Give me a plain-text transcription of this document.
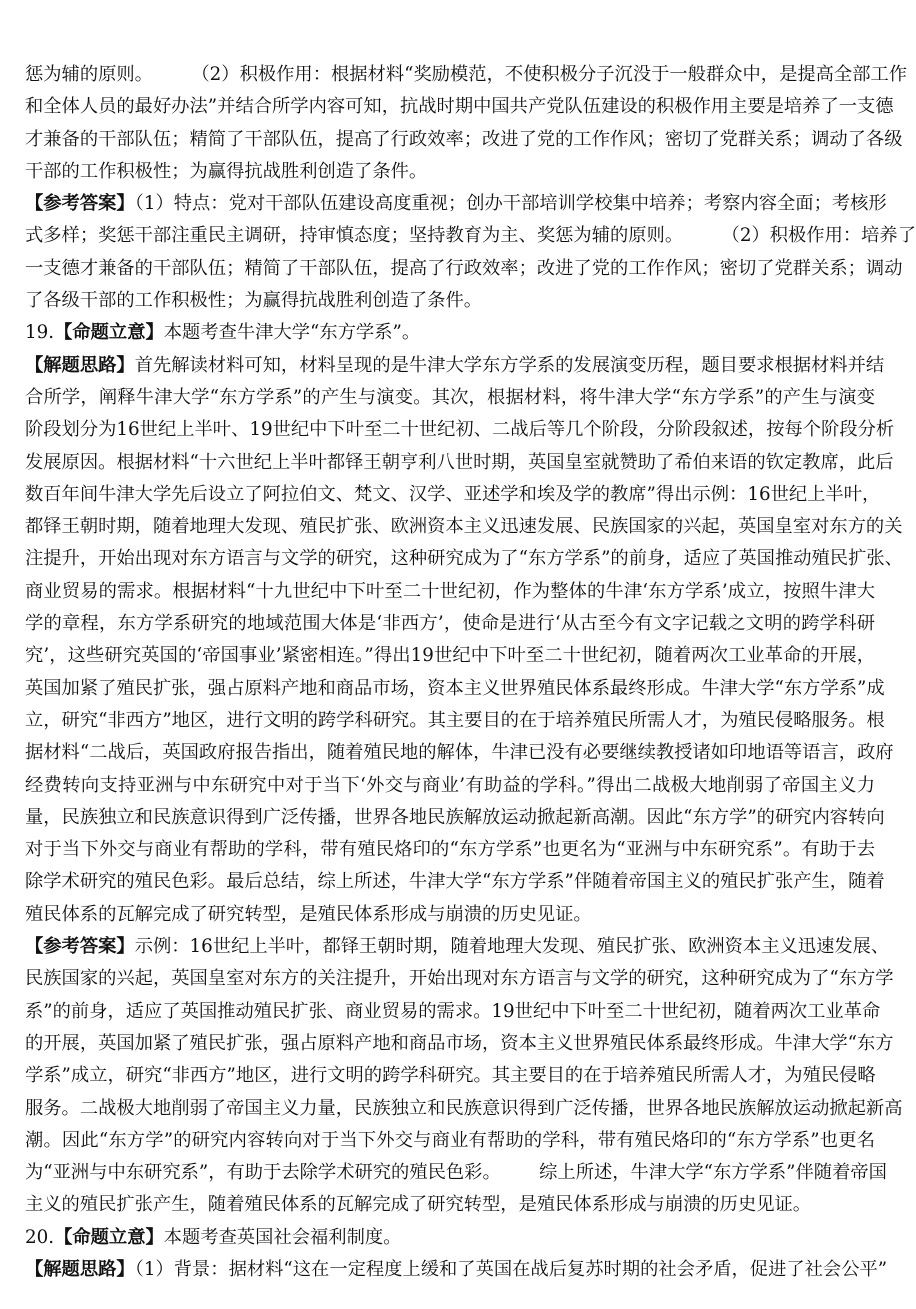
惩为辅的原则。 （2）积极作用：根据材料“奖励模范，不使积极分子沉没于一般群众中，是提高全部工作
和全体人员的最好办法”并结合所学内容可知，抗战时期中国共产党队伍建设的积极作用主要是培养了一支德
才兼备的干部队伍；精简了干部队伍，提高了行政效率；改进了党的工作作风；密切了党群关系；调动了各级
干部的工作积极性；为赢得抗战胜利创造了条件。
【参考答案】（1）特点：党对干部队伍建设高度重视；创办干部培训学校集中培养；考察内容全面；考核形
式多样；奖惩干部注重民主调研，持审慎态度；坚持教育为主、奖惩为辅的原则。 （2）积极作用：培养了
一支德才兼备的干部队伍；精简了干部队伍，提高了行政效率；改进了党的工作作风；密切了党群关系；调动
了各级干部的工作积极性；为赢得抗战胜利创造了条件。
19.【命题立意】本题考查牛津大学“东方学系”。
【解题思路】首先解读材料可知，材料呈现的是牛津大学东方学系的发展演变历程，题目要求根据材料并结
合所学，阐释牛津大学“东方学系”的产生与演变。其次，根据材料，将牛津大学“东方学系”的产生与演变
阶段划分为16世纪上半叶、19世纪中下叶至二十世纪初、二战后等几个阶段，分阶段叙述，按每个阶段分析
发展原因。根据材料“十六世纪上半叶都铎王朝亨利八世时期，英国皇室就赞助了希伯来语的钦定教席，此后
数百年间牛津大学先后设立了阿拉伯文、梵文、汉学、亚述学和埃及学的教席”得出示例：16世纪上半叶，
都铎王朝时期，随着地理大发现、殖民扩张、欧洲资本主义迅速发展、民族国家的兴起，英国皇室对东方的关
注提升，开始出现对东方语言与文学的研究，这种研究成为了“东方学系”的前身，适应了英国推动殖民扩张、
商业贸易的需求。根据材料“十九世纪中下叶至二十世纪初，作为整体的牛津‘东方学系’成立，按照牛津大
学的章程，东方学系研究的地域范围大体是‘非西方’，使命是进行‘从古至今有文字记载之文明的跨学科研
究’，这些研究英国的‘帝国事业’紧密相连。”得出19世纪中下叶至二十世纪初，随着两次工业革命的开展，
英国加紧了殖民扩张，强占原料产地和商品市场，资本主义世界殖民体系最终形成。牛津大学“东方学系”成
立，研究“非西方”地区，进行文明的跨学科研究。其主要目的在于培养殖民所需人才，为殖民侵略服务。根
据材料“二战后，英国政府报告指出，随着殖民地的解体，牛津已没有必要继续教授诸如印地语等语言，政府
经费转向支持亚洲与中东研究中对于当下‘外交与商业’有助益的学科。”得出二战极大地削弱了帝国主义力
量，民族独立和民族意识得到广泛传播，世界各地民族解放运动掀起新高潮。因此“东方学”的研究内容转向
对于当下外交与商业有帮助的学科，带有殖民烙印的“东方学系”也更名为“亚洲与中东研究系”。有助于去
除学术研究的殖民色彩。最后总结，综上所述，牛津大学“东方学系”伴随着帝国主义的殖民扩张产生，随着
殖民体系的瓦解完成了研究转型，是殖民体系形成与崩溃的历史见证。
【参考答案】示例：16世纪上半叶，都铎王朝时期，随着地理大发现、殖民扩张、欧洲资本主义迅速发展、
民族国家的兴起，英国皇室对东方的关注提升，开始出现对东方语言与文学的研究，这种研究成为了“东方学
系”的前身，适应了英国推动殖民扩张、商业贸易的需求。19世纪中下叶至二十世纪初，随着两次工业革命
的开展，英国加紧了殖民扩张，强占原料产地和商品市场，资本主义世界殖民体系最终形成。牛津大学“东方
学系”成立，研究“非西方”地区，进行文明的跨学科研究。其主要目的在于培养殖民所需人才，为殖民侵略
服务。二战极大地削弱了帝国主义力量，民族独立和民族意识得到广泛传播，世界各地民族解放运动掀起新高
潮。因此“东方学”的研究内容转向对于当下外交与商业有帮助的学科，带有殖民烙印的“东方学系”也更名
为“亚洲与中东研究系”，有助于去除学术研究的殖民色彩。 综上所述，牛津大学“东方学系”伴随着帝国
主义的殖民扩张产生，随着殖民体系的瓦解完成了研究转型，是殖民体系形成与崩溃的历史见证。
20.【命题立意】本题考查英国社会福利制度。
【解题思路】（1）背景：据材料“这在一定程度上缓和了英国在战后复苏时期的社会矛盾，促进了社会公平”
